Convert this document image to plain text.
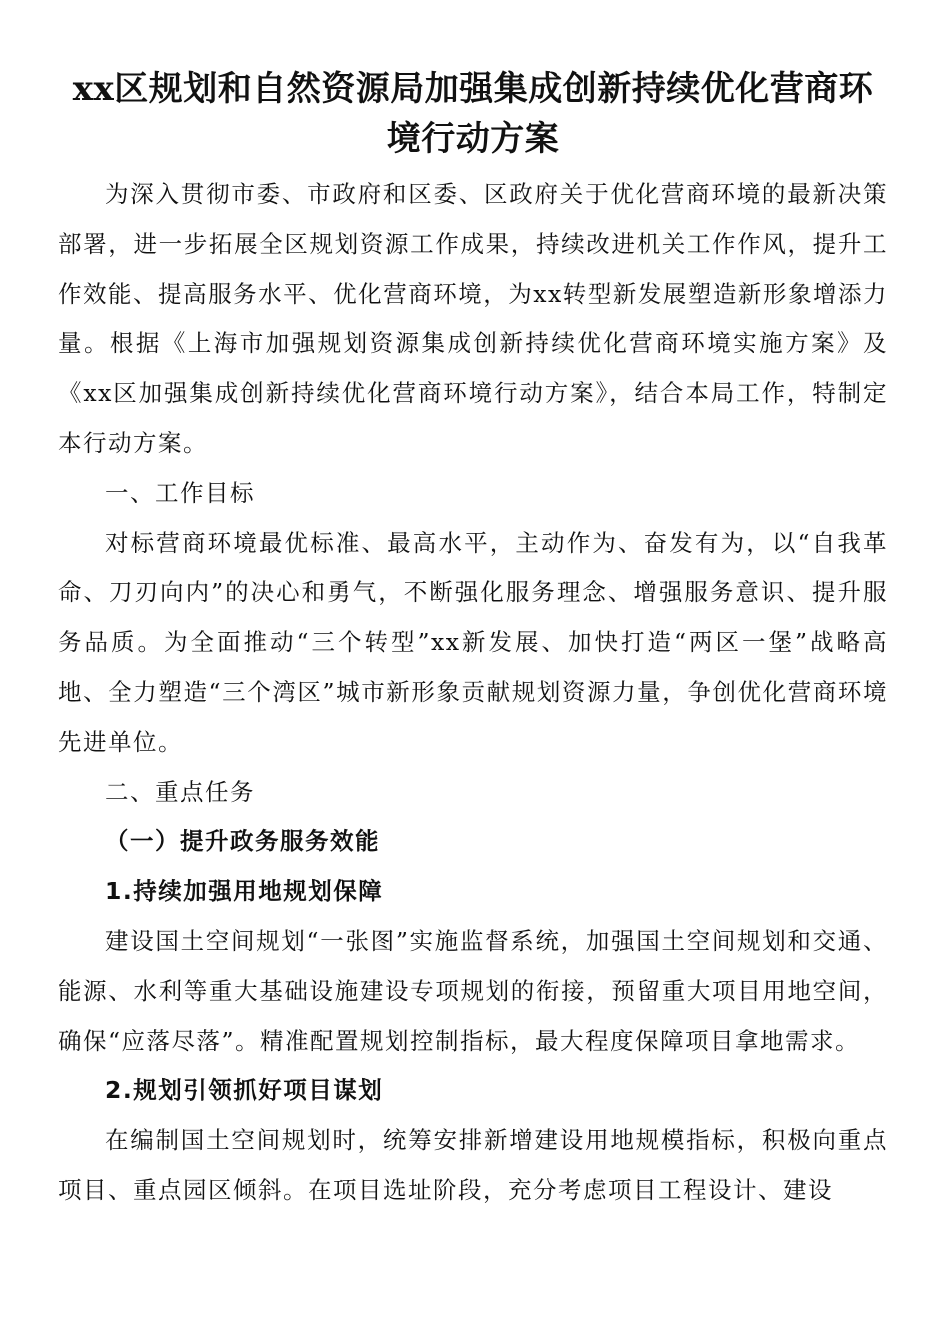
xx区规划和自然资源局加强集成创新持续优化营商环境行动方案

为深入贯彻市委、市政府和区委、区政府关于优化营商环境的最新决策部署，进一步拓展全区规划资源工作成果，持续改进机关工作作风，提升工作效能、提高服务水平、优化营商环境，为xx转型新发展塑造新形象增添力量。根据《上海市加强规划资源集成创新持续优化营商环境实施方案》及《xx区加强集成创新持续优化营商环境行动方案》，结合本局工作，特制定本行动方案。

一、工作目标

对标营商环境最优标准、最高水平，主动作为、奋发有为，以“自我革命、刀刃向内”的决心和勇气，不断强化服务理念、增强服务意识、提升服务品质。为全面推动“三个转型”xx新发展、加快打造“两区一堡”战略高地、全力塑造“三个湾区”城市新形象贡献规划资源力量，争创优化营商环境先进单位。

二、重点任务

（一）提升政务服务效能

1.持续加强用地规划保障

建设国土空间规划“一张图”实施监督系统，加强国土空间规划和交通、能源、水利等重大基础设施建设专项规划的衔接，预留重大项目用地空间，确保“应落尽落”。精准配置规划控制指标，最大程度保障项目拿地需求。

2.规划引领抓好项目谋划

在编制国土空间规划时，统筹安排新增建设用地规模指标，积极向重点项目、重点园区倾斜。在项目选址阶段，充分考虑项目工程设计、建设
